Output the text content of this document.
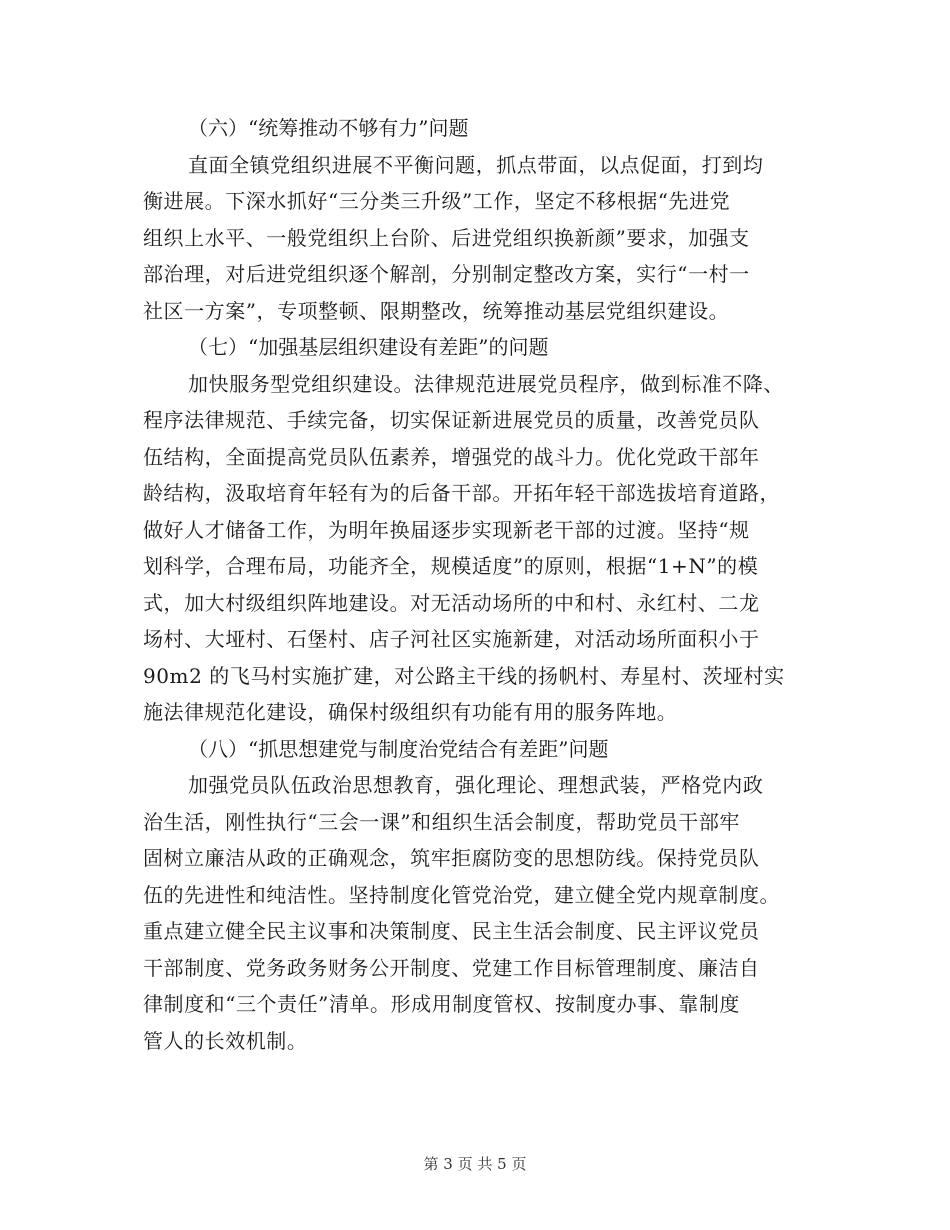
（六）“统筹推动不够有力”问题

直面全镇党组织进展不平衡问题，抓点带面，以点促面，打到均
衡进展。下深水抓好“三分类三升级”工作，坚定不移根据“先进党
组织上水平、一般党组织上台阶、后进党组织换新颜”要求，加强支
部治理，对后进党组织逐个解剖，分别制定整改方案，实行“一村一
社区一方案”，专项整顿、限期整改，统筹推动基层党组织建设。

（七）“加强基层组织建设有差距”的问题

加快服务型党组织建设。法律规范进展党员程序，做到标准不降、
程序法律规范、手续完备，切实保证新进展党员的质量，改善党员队
伍结构，全面提高党员队伍素养，增强党的战斗力。优化党政干部年
龄结构，汲取培育年轻有为的后备干部。开拓年轻干部选拔培育道路，
做好人才储备工作，为明年换届逐步实现新老干部的过渡。坚持“规
划科学，合理布局，功能齐全，规模适度”的原则，根据“1+N”的模
式，加大村级组织阵地建设。对无活动场所的中和村、永红村、二龙
场村、大垭村、石堡村、店子河社区实施新建，对活动场所面积小于
90m2 的飞马村实施扩建，对公路主干线的扬帆村、寿星村、茨垭村实
施法律规范化建设，确保村级组织有功能有用的服务阵地。

（八）“抓思想建党与制度治党结合有差距”问题

加强党员队伍政治思想教育，强化理论、理想武装，严格党内政
治生活，刚性执行“三会一课”和组织生活会制度，帮助党员干部牢
固树立廉洁从政的正确观念，筑牢拒腐防变的思想防线。保持党员队
伍的先进性和纯洁性。坚持制度化管党治党，建立健全党内规章制度。
重点建立健全民主议事和决策制度、民主生活会制度、民主评议党员
干部制度、党务政务财务公开制度、党建工作目标管理制度、廉洁自
律制度和“三个责任”清单。形成用制度管权、按制度办事、靠制度
管人的长效机制。
第 3 页 共 5 页
